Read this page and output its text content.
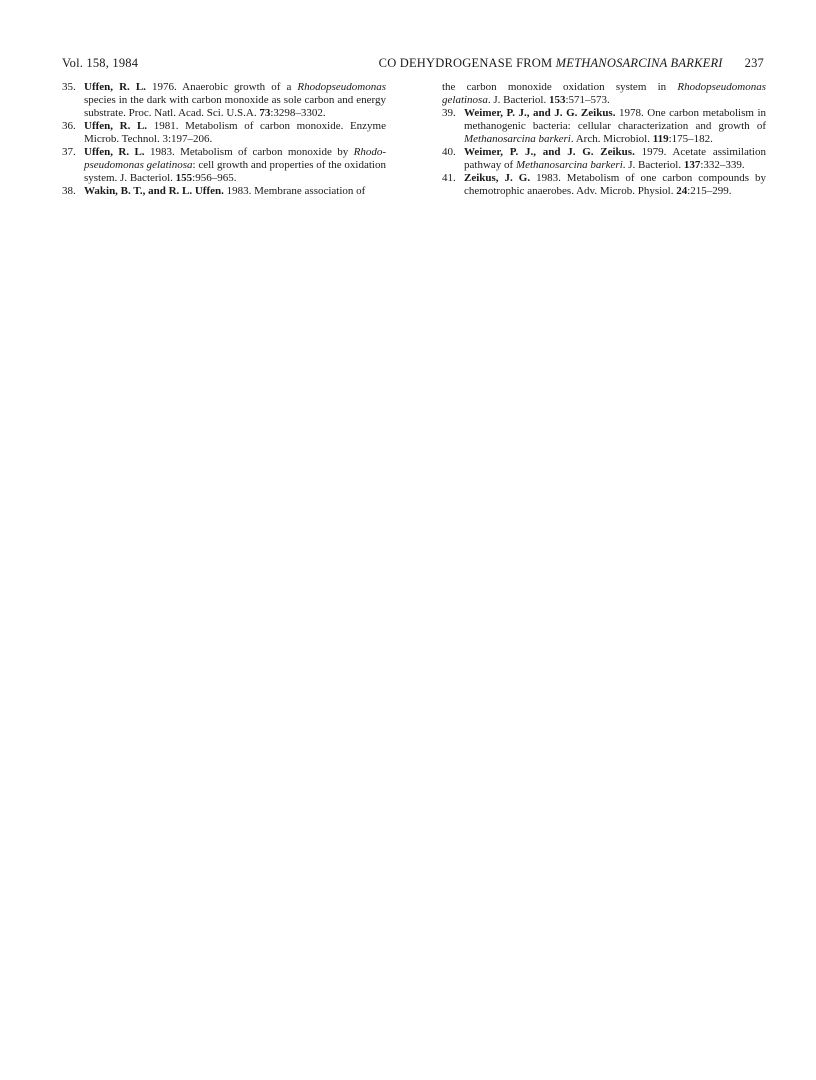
Vol. 158, 1984	CO DEHYDROGENASE FROM METHANOSARCINA BARKERI 237

35. Uffen, R. L. 1976. Anaerobic growth of a Rhodopseudomonas species in the dark with carbon monoxide as sole carbon and energy substrate. Proc. Natl. Acad. Sci. U.S.A. 73:3298–3302.

36. Uffen, R. L. 1981. Metabolism of carbon monoxide. Enzyme Microb. Technol. 3:197–206.

37. Uffen, R. L. 1983. Metabolism of carbon monoxide by Rhodo-pseudomonas gelatinosa: cell growth and properties of the oxidation system. J. Bacteriol. 155:956–965.

38. Wakin, B. T., and R. L. Uffen. 1983. Membrane association of

the carbon monoxide oxidation system in Rhodopseudomonas gelatinosa. J. Bacteriol. 153:571–573.

39. Weimer, P. J., and J. G. Zeikus. 1978. One carbon metabolism in methanogenic bacteria: cellular characterization and growth of Methanosarcina barkeri. Arch. Microbiol. 119:175–182.

40. Weimer, P. J., and J. G. Zeikus. 1979. Acetate assimilation pathway of Methanosarcina barkeri. J. Bacteriol. 137:332–339.

41. Zeikus, J. G. 1983. Metabolism of one carbon compounds by chemotrophic anaerobes. Adv. Microb. Physiol. 24:215–299.
